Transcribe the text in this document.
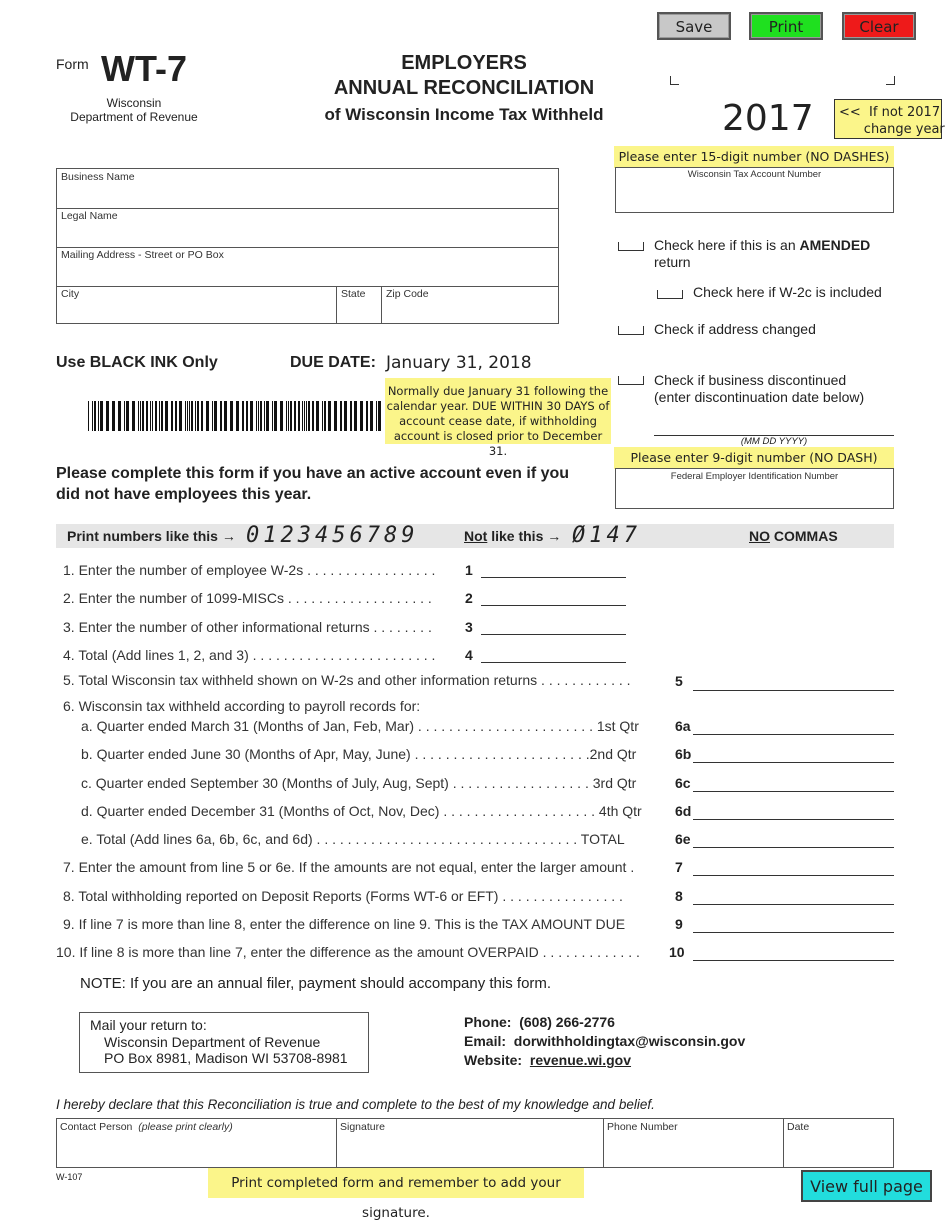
Save	Print	Clear
Form WT-7
Wisconsin
Department of Revenue
EMPLOYERS
ANNUAL RECONCILIATION
of Wisconsin Income Tax Withheld	2017	<<  If not 2017
change year
Please enter 15-digit number (NO DASHES)
Wisconsin Tax Account Number
Business Name
Legal Name
Mailing Address - Street or PO Box
City	State Zip Code
Check here if this is an AMENDED
return
Check here if W-2c is included
Check if address changed
Check if business discontinued
(enter discontinuation date below)
(MM DD YYYY)
Please enter 9-digit number (NO DASH)
Federal Employer Identification Number
Use BLACK INK Only	DUE DATE: January 31, 2018
Normally due January 31 following the calendar year. DUE WITHIN 30 DAYS of account cease date, if withholding account is closed prior to December 31.
Please complete this form if you have an active account even if you
did not have employees this year.
Print numbers like this → 0123456789	Not like this → Ø147	NO COMMAS
1. Enter the number of employee W-2s . . . . . . . . . . . . . . . . . 1
2. Enter the number of 1099-MISCs . . . . . . . . . . . . . . . . . . . 2
3. Enter the number of other informational returns . . . . . . . . 3
4. Total (Add lines 1, 2, and 3) . . . . . . . . . . . . . . . . . . . . . . . . 4
5. Total Wisconsin tax withheld shown on W-2s and other information returns . . . . . . . . . . . .	5
6. Wisconsin tax withheld according to payroll records for:
a. Quarter ended March 31 (Months of Jan, Feb, Mar) . . . . . . . . . . . . . . . . . . . . . . . 1st Qtr	6a
b. Quarter ended June 30 (Months of Apr, May, June) . . . . . . . . . . . . . . . . . . . . . . .2nd Qtr	6b
c. Quarter ended September 30 (Months of July, Aug, Sept) . . . . . . . . . . . . . . . . . . 3rd Qtr	6c
d. Quarter ended December 31 (Months of Oct, Nov, Dec) . . . . . . . . . . . . . . . . . . . . 4th Qtr 6d
e. Total (Add lines 6a, 6b, 6c, and 6d) . . . . . . . . . . . . . . . . . . . . . . . . . . . . . . . . . . TOTAL	6e
7. Enter the amount from line 5 or 6e. If the amounts are not equal, enter the larger amount .	7
8. Total withholding reported on Deposit Reports (Forms WT-6 or EFT) . . . . . . . . . . . . . . . .	8
9. If line 7 is more than line 8, enter the difference on line 9. This is the TAX AMOUNT DUE	9
10. If line 8 is more than line 7, enter the difference as the amount OVERPAID . . . . . . . . . . . . . 10
NOTE: If you are an annual filer, payment should accompany this form.
Mail your return to:
Wisconsin Department of Revenue
PO Box 8981, Madison WI 53708-8981
Phone: (608) 266-2776
Email: dorwithholdingtax@wisconsin.gov
Website: revenue.wi.gov
I hereby declare that this Reconciliation is true and complete to the best of my knowledge and belief.
Contact Person (please print clearly)	Signature	Phone Number	Date
W-107	Print completed form and remember to add your signature.
View full page
